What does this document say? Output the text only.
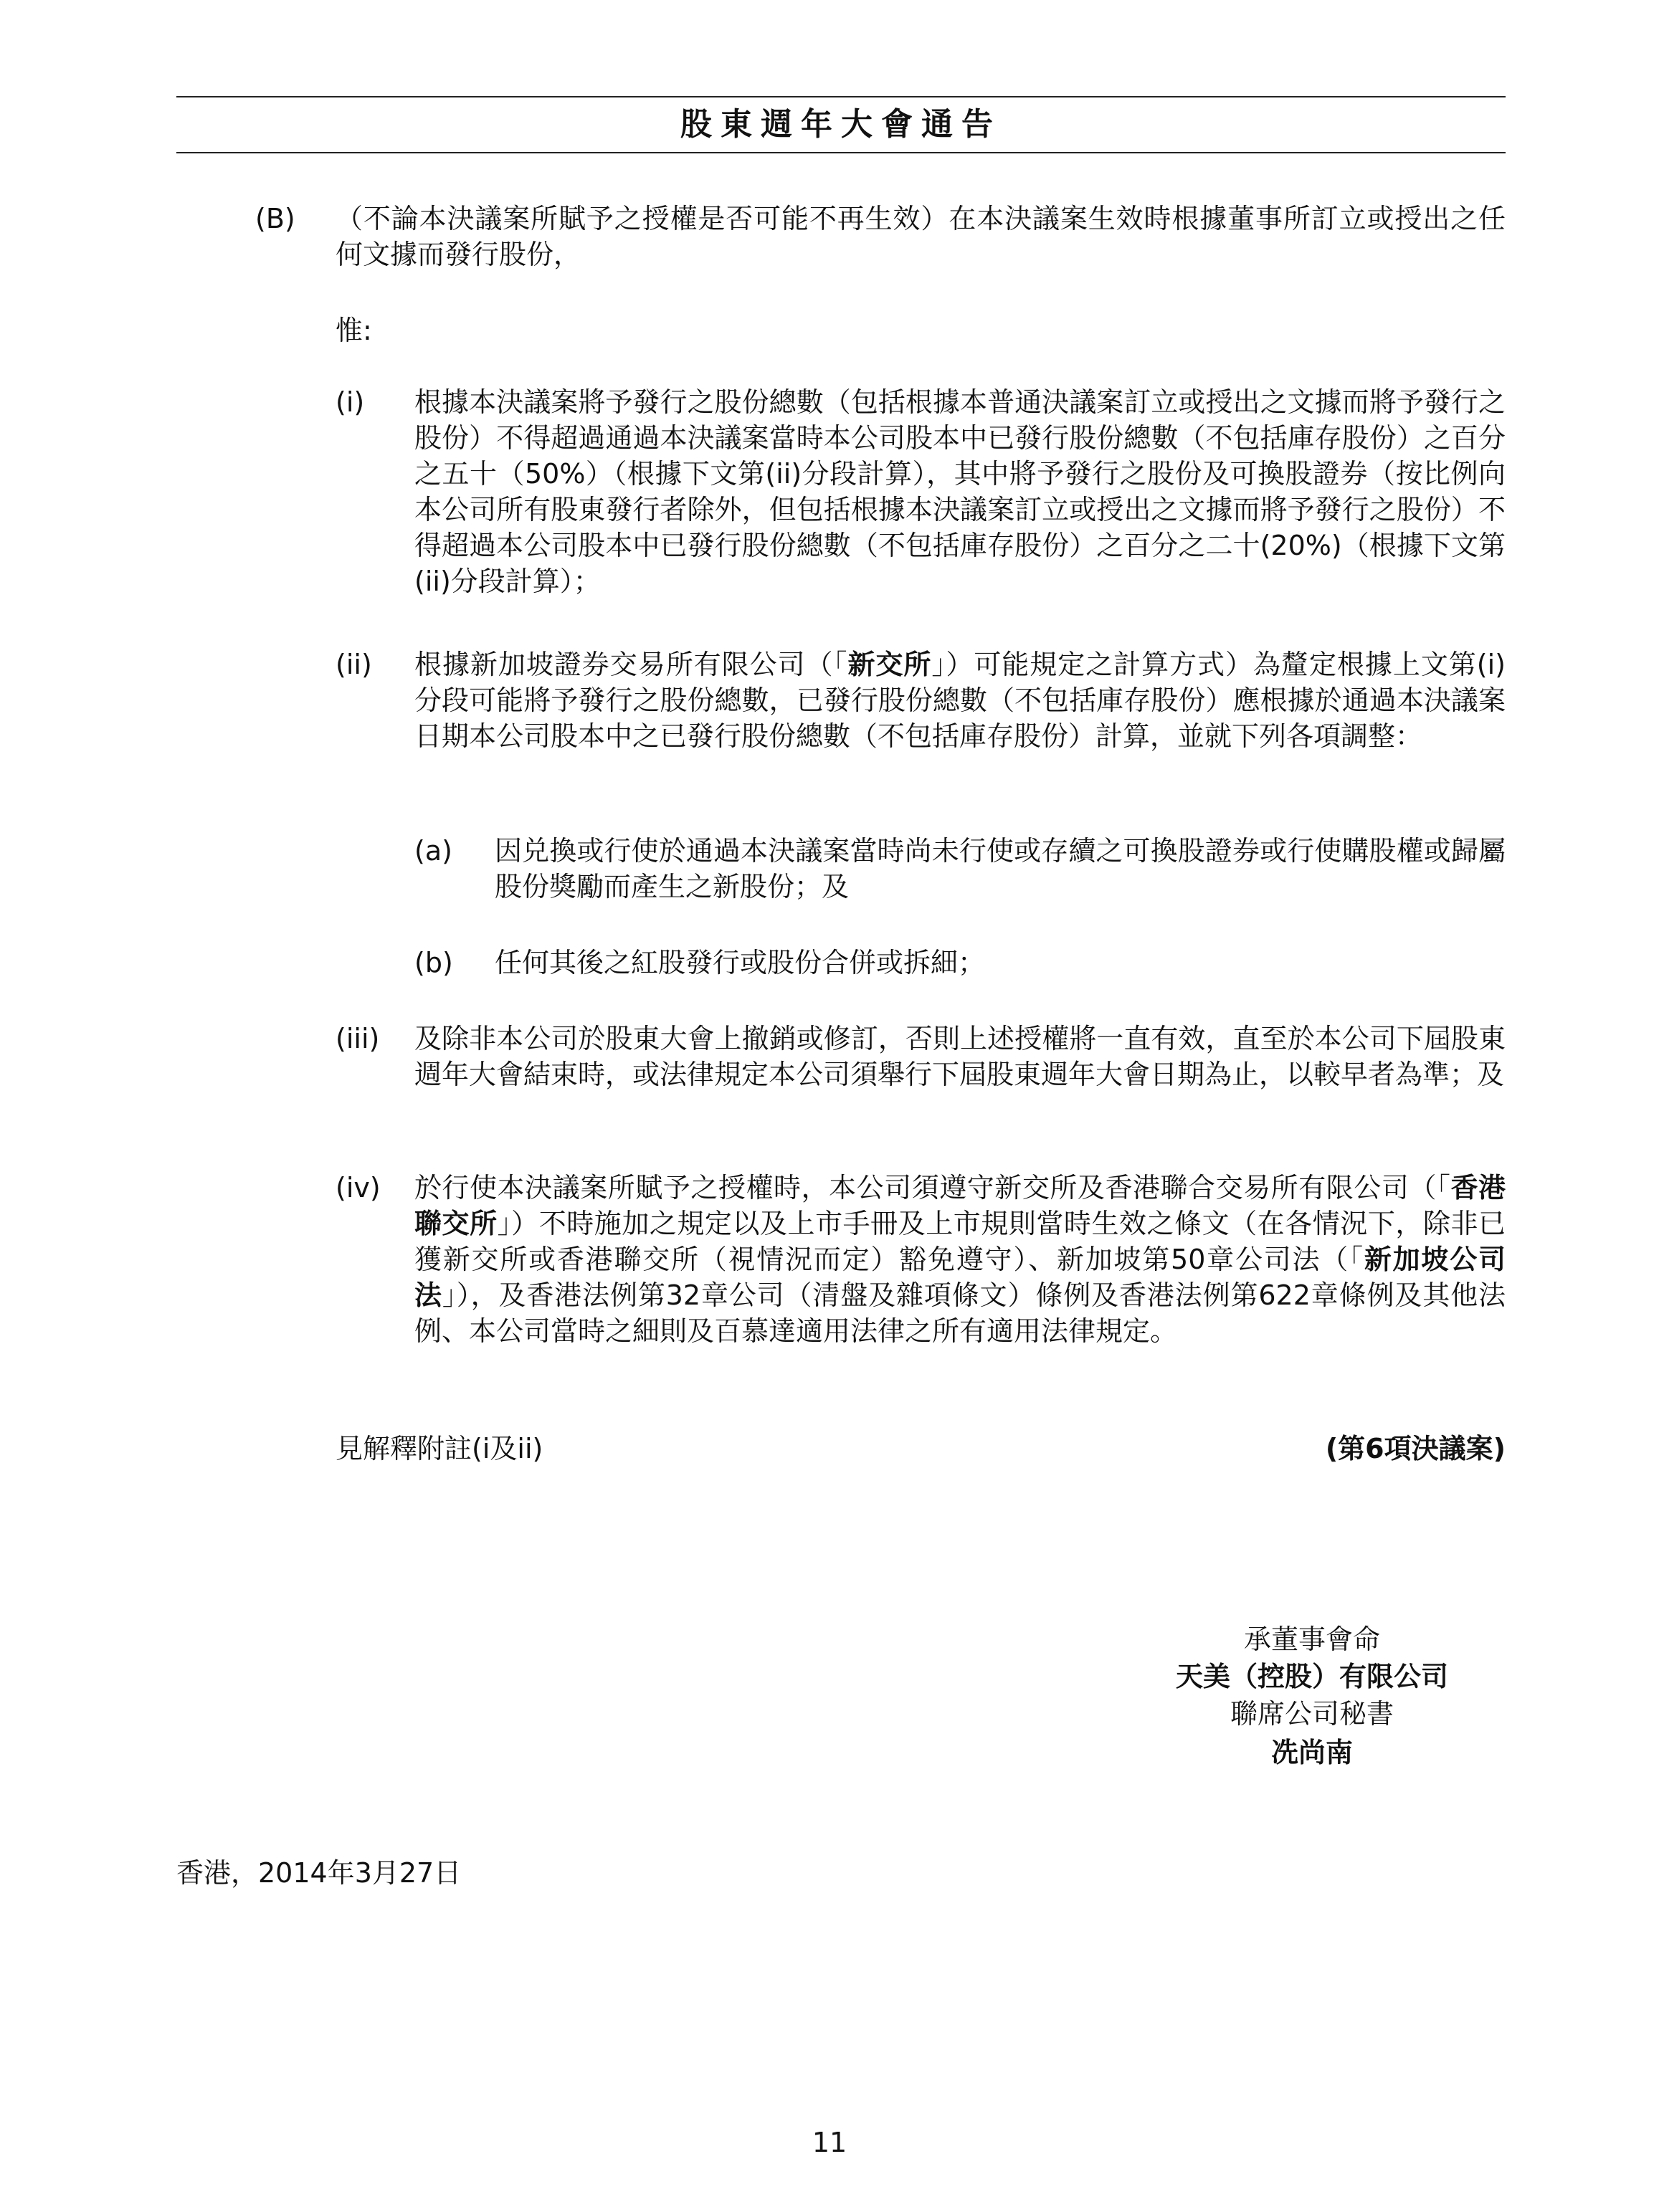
股東週年大會通告
(B) （不論本決議案所賦予之授權是否可能不再生效）在本決議案生效時根據董事所訂立或授出之任何文據而發行股份，
惟:
(i) 根據本決議案將予發行之股份總數（包括根據本普通決議案訂立或授出之文據而將予發行之股份）不得超過通過本決議案當時本公司股本中已發行股份總數（不包括庫存股份）之百分之五十（50%）（根據下文第(ii)分段計算），其中將予發行之股份及可換股證券（按比例向本公司所有股東發行者除外，但包括根據本決議案訂立或授出之文據而將予發行之股份）不得超過本公司股本中已發行股份總數（不包括庫存股份）之百分之二十(20%)（根據下文第(ii)分段計算）；
(ii) 根據新加坡證券交易所有限公司（「新交所」）可能規定之計算方式）為釐定根據上文第(i)分段可能將予發行之股份總數，已發行股份總數（不包括庫存股份）應根據於通過本決議案日期本公司股本中之已發行股份總數（不包括庫存股份）計算，並就下列各項調整：
(a) 因兑換或行使於通過本決議案當時尚未行使或存續之可換股證券或行使購股權或歸屬股份獎勵而產生之新股份；及
(b) 任何其後之紅股發行或股份合併或拆細；
(iii) 及除非本公司於股東大會上撤銷或修訂，否則上述授權將一直有效，直至於本公司下屆股東週年大會結束時，或法律規定本公司須舉行下屆股東週年大會日期為止，以較早者為準；及
(iv) 於行使本決議案所賦予之授權時，本公司須遵守新交所及香港聯合交易所有限公司（「香港聯交所」）不時施加之規定以及上市手冊及上市規則當時生效之條文（在各情況下，除非已獲新交所或香港聯交所（視情況而定）豁免遵守）、新加坡第50章公司法（「新加坡公司法」），及香港法例第32章公司（清盤及雜項條文）條例及香港法例第622章條例及其他法例、本公司當時之細則及百慕達適用法律之所有適用法律規定。
見解釋附註(i及ii)	(第6項決議案)
承董事會命
天美（控股）有限公司
聯席公司秘書
冼尚南
香港，2014年3月27日
11
